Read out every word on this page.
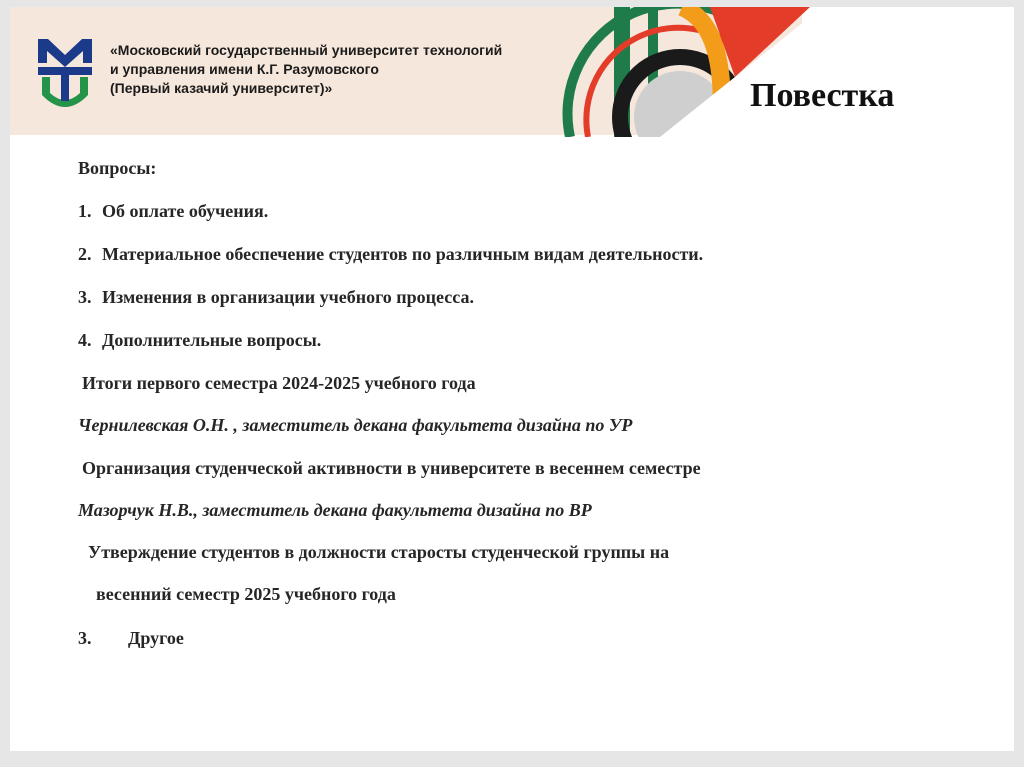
«Московский государственный университет технологий
и управления имени К.Г. Разумовского
(Первый казачий университет)»	Повестка
Вопросы:
1. Об оплате обучения.
2. Материальное обеспечение студентов по различным видам деятельности.
3. Изменения в организации учебного процесса.
4. Дополнительные вопросы.
Итоги первого семестра 2024-2025 учебного года
Чернилевская О.Н. , заместитель декана факультета дизайна по УР
Организация студенческой активности в университете в весеннем семестре
Мазорчук Н.В., заместитель декана факультета дизайна по ВР
Утверждение студентов в должности старосты студенческой группы на
весенний семестр 2025 учебного года
3. Другое
